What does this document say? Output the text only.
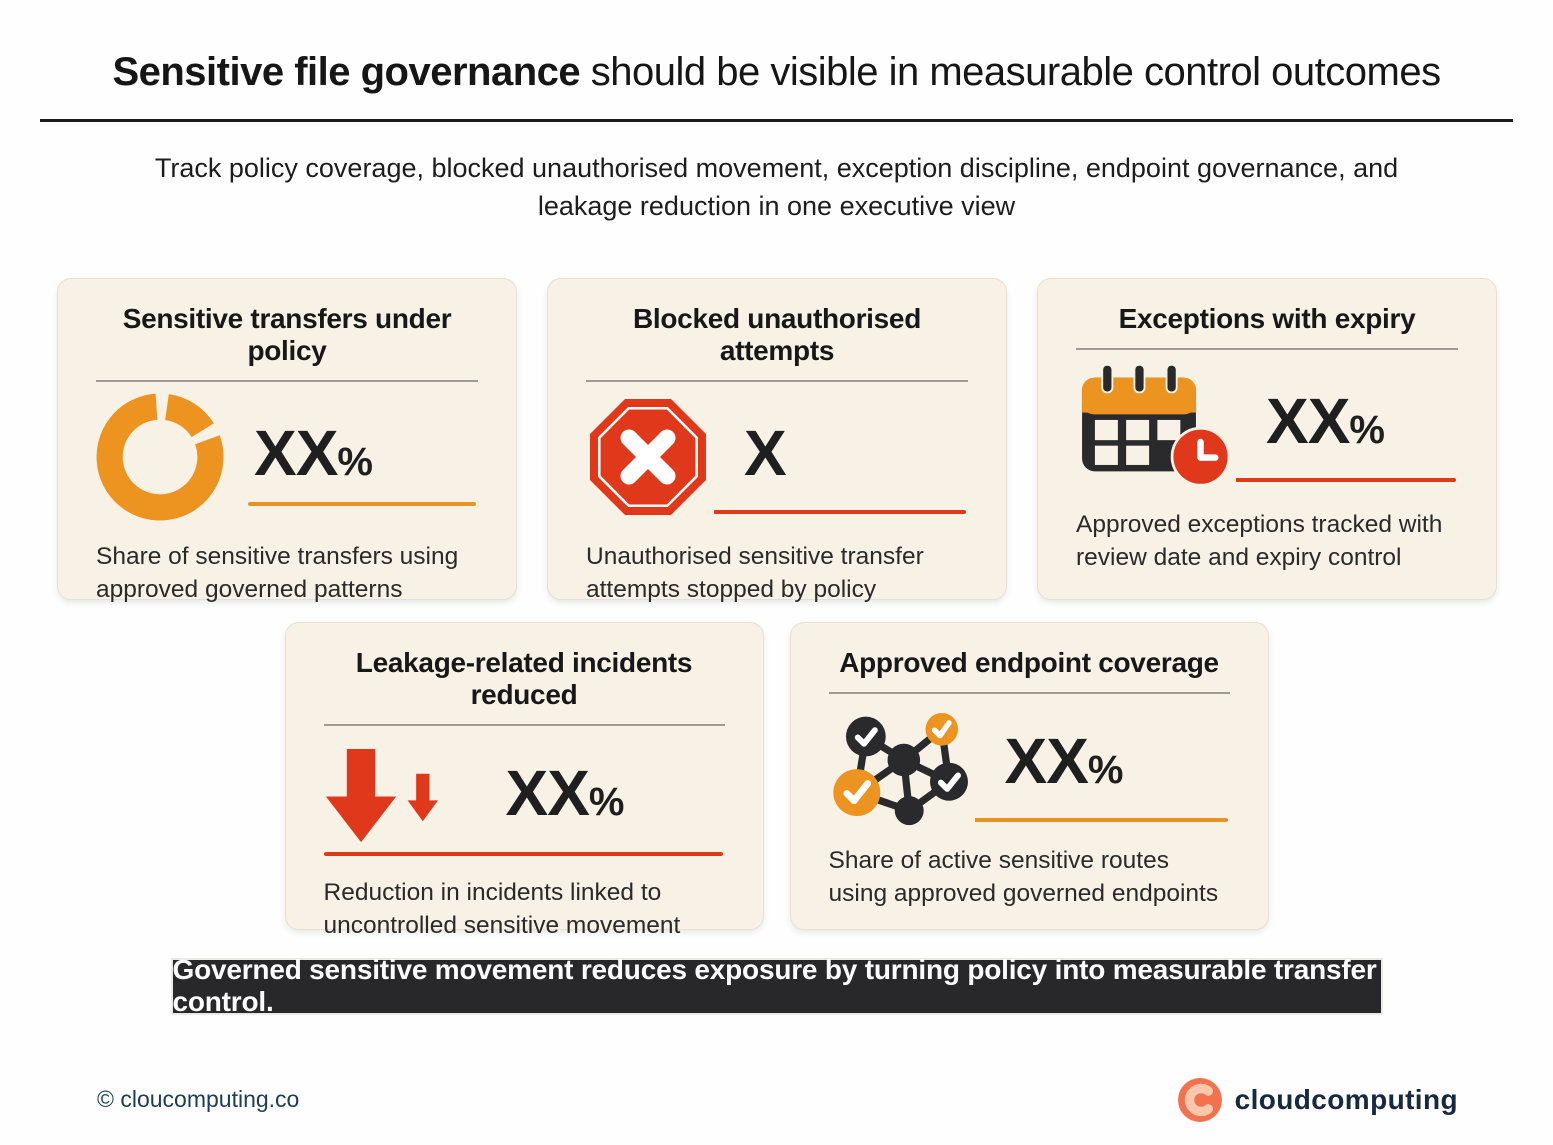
Sensitive file governance should be visible in measurable control outcomes
Track policy coverage, blocked unauthorised movement, exception discipline, endpoint governance, and leakage reduction in one executive view
Sensitive transfers under policy
XX%
Share of sensitive transfers using approved governed patterns
Blocked unauthorised attempts
X
Unauthorised sensitive transfer attempts stopped by policy
Exceptions with expiry
XX%
Approved exceptions tracked with review date and expiry control
Leakage-related incidents reduced
XX%
Reduction in incidents linked to uncontrolled sensitive movement
Approved endpoint coverage
XX%
Share of active sensitive routes using approved governed endpoints
Governed sensitive movement reduces exposure by turning policy into measurable transfer control.
© cloucomputing.co	cloudcomputing
